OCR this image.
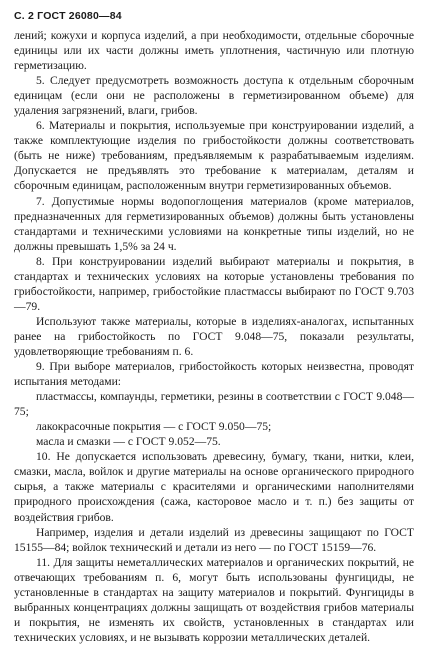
С. 2 ГОСТ 26080—84

лений; кожухи и корпуса изделий, а при необходимости, отдельные сборочные единицы или их части должны иметь уплотнения, частичную или плотную герметизацию.

5. Следует предусмотреть возможность доступа к отдельным сборочным единицам (если они не расположены в герметизированном объеме) для удаления загрязнений, влаги, грибов.

6. Материалы и покрытия, используемые при конструировании изделий, а также комплектующие изделия по грибостойкости должны соответствовать (быть не ниже) требованиям, предъявляемым к разрабатываемым изделиям. Допускается не предъявлять это требование к материалам, деталям и сборочным единицам, расположенным внутри герметизированных объемов.

7. Допустимые нормы водопоглощения материалов (кроме материалов, предназначенных для герметизированных объемов) должны быть установлены стандартами и техническими условиями на конкретные типы изделий, но не должны превышать 1,5% за 24 ч.

8. При конструировании изделий выбирают материалы и покрытия, в стандартах и технических условиях на которые установлены требования по грибостойкости, например, грибостойкие пластмассы выбирают по ГОСТ 9.703—79.

Используют также материалы, которые в изделиях-аналогах, испытанных ранее на грибостойкость по ГОСТ 9.048—75, показали результаты, удовлетворяющие требованиям п. 6.

9. При выборе материалов, грибостойкость которых неизвестна, проводят испытания методами:

пластмассы, компаунды, герметики, резины в соответствии с ГОСТ 9.048—75;

лакокрасочные покрытия — с ГОСТ 9.050—75;

масла и смазки — с ГОСТ 9.052—75.

10. Не допускается использовать древесину, бумагу, ткани, нитки, клеи, смазки, масла, войлок и другие материалы на основе органического природного сырья, а также материалы с красителями и органическими наполнителями природного происхождения (сажа, касторовое масло и т. п.) без защиты от воздействия грибов.

Например, изделия и детали изделий из древесины защищают по ГОСТ 15155—84; войлок технический и детали из него — по ГОСТ 15159—76.

11. Для защиты неметаллических материалов и органических покрытий, не отвечающих требованиям п. 6, могут быть использованы фунгициды, не установленные в стандартах на защиту материалов и покрытий. Фунгициды в выбранных концентрациях должны защищать от воздействия грибов материалы и покрытия, не изменять их свойств, установленных в стандартах или технических условиях, и не вызывать коррозии металлических деталей.
